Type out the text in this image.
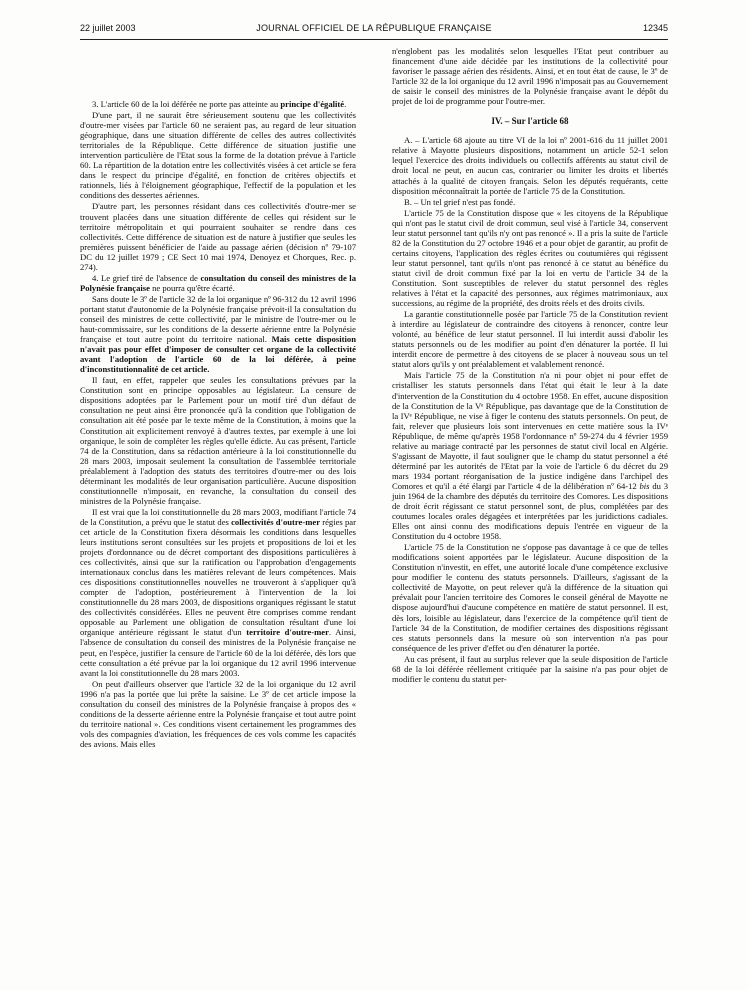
22 juillet 2003	JOURNAL OFFICIEL DE LA RÉPUBLIQUE FRANÇAISE	12345

3. L'article 60 de la loi déférée ne porte pas atteinte au principe d'égalité.

D'une part, il ne saurait être sérieusement soutenu que les collectivités d'outre-mer visées par l'article 60 ne seraient pas, au regard de leur situation géographique, dans une situation différente de celles des autres collectivités territoriales de la République. Cette différence de situation justifie une intervention particulière de l'Etat sous la forme de la dotation prévue à l'article 60. La répartition de la dotation entre les collectivités visées à cet article se fera dans le respect du principe d'égalité, en fonction de critères objectifs et rationnels, liés à l'éloignement géographique, l'effectif de la population et les conditions des dessertes aériennes.

D'autre part, les personnes résidant dans ces collectivités d'outre-mer se trouvent placées dans une situation différente de celles qui résident sur le territoire métropolitain et qui pourraient souhaiter se rendre dans ces collectivités. Cette différence de situation est de nature à justifier que seules les premières puissent bénéficier de l'aide au passage aérien (décision nº 79-107 DC du 12 juillet 1979 ; CE Sect 10 mai 1974, Denoyez et Chorques, Rec. p. 274).

4. Le grief tiré de l'absence de consultation du conseil des ministres de la Polynésie française ne pourra qu'être écarté.

Sans doute le 3º de l'article 32 de la loi organique nº 96-312 du 12 avril 1996 portant statut d'autonomie de la Polynésie française prévoit-il la consultation du conseil des ministres de cette collectivité, par le ministre de l'outre-mer ou le haut-commissaire, sur les conditions de la desserte aérienne entre la Polynésie française et tout autre point du territoire national. Mais cette disposition n'avait pas pour effet d'imposer de consulter cet organe de la collectivité avant l'adoption de l'article 60 de la loi déférée, à peine d'inconstitutionnalité de cet article.

Il faut, en effet, rappeler que seules les consultations prévues par la Constitution sont en principe opposables au législateur. La censure de dispositions adoptées par le Parlement pour un motif tiré d'un défaut de consultation ne peut ainsi être prononcée qu'à la condition que l'obligation de consultation ait été posée par le texte même de la Constitution, à moins que la Constitution ait explicitement renvoyé à d'autres textes, par exemple à une loi organique, le soin de compléter les règles qu'elle édicte. Au cas présent, l'article 74 de la Constitution, dans sa rédaction antérieure à la loi constitutionnelle du 28 mars 2003, imposait seulement la consultation de l'assemblée territoriale préalablement à l'adoption des statuts des territoires d'outre-mer ou des lois déterminant les modalités de leur organisation particulière. Aucune disposition constitutionnelle n'imposait, en revanche, la consultation du conseil des ministres de la Polynésie française.

Il est vrai que la loi constitutionnelle du 28 mars 2003, modifiant l'article 74 de la Constitution, a prévu que le statut des collectivités d'outre-mer régies par cet article de la Constitution fixera désormais les conditions dans lesquelles leurs institutions seront consultées sur les projets et propositions de loi et les projets d'ordonnance ou de décret comportant des dispositions particulières à ces collectivités, ainsi que sur la ratification ou l'approbation d'engagements internationaux conclus dans les matières relevant de leurs compétences. Mais ces dispositions constitutionnelles nouvelles ne trouveront à s'appliquer qu'à compter de l'adoption, postérieurement à l'intervention de la loi constitutionnelle du 28 mars 2003, de dispositions organiques régissant le statut des collectivités considérées. Elles ne peuvent être comprises comme rendant opposable au Parlement une obligation de consultation résultant d'une loi organique antérieure régissant le statut d'un territoire d'outre-mer. Ainsi, l'absence de consultation du conseil des ministres de la Polynésie française ne peut, en l'espèce, justifier la censure de l'article 60 de la loi déférée, dès lors que cette consultation a été prévue par la loi organique du 12 avril 1996 intervenue avant la loi constitutionnelle du 28 mars 2003.

On peut d'ailleurs observer que l'article 32 de la loi organique du 12 avril 1996 n'a pas la portée que lui prête la saisine. Le 3º de cet article impose la consultation du conseil des ministres de la Polynésie française à propos des « conditions de la desserte aérienne entre la Polynésie française et tout autre point du territoire national ». Ces conditions visent certainement les programmes des vols des compagnies d'aviation, les fréquences de ces vols comme les capacités des avions. Mais elles

n'englobent pas les modalités selon lesquelles l'Etat peut contribuer au financement d'une aide décidée par les institutions de la collectivité pour favoriser le passage aérien des résidents. Ainsi, et en tout état de cause, le 3º de l'article 32 de la loi organique du 12 avril 1996 n'imposait pas au Gouvernement de saisir le conseil des ministres de la Polynésie française avant le dépôt du projet de loi de programme pour l'outre-mer.

IV. – Sur l'article 68

A. – L'article 68 ajoute au titre VI de la loi nº 2001-616 du 11 juillet 2001 relative à Mayotte plusieurs dispositions, notamment un article 52-1 selon lequel l'exercice des droits individuels ou collectifs afférents au statut civil de droit local ne peut, en aucun cas, contrarier ou limiter les droits et libertés attachés à la qualité de citoyen français. Selon les députés requérants, cette disposition méconnaîtrait la portée de l'article 75 de la Constitution.

B. – Un tel grief n'est pas fondé.

L'article 75 de la Constitution dispose que « les citoyens de la République qui n'ont pas le statut civil de droit commun, seul visé à l'article 34, conservent leur statut personnel tant qu'ils n'y ont pas renoncé ». Il a pris la suite de l'article 82 de la Constitution du 27 octobre 1946 et a pour objet de garantir, au profit de certains citoyens, l'application des règles écrites ou coutumières qui régissent leur statut personnel, tant qu'ils n'ont pas renoncé à ce statut au bénéfice du statut civil de droit commun fixé par la loi en vertu de l'article 34 de la Constitution. Sont susceptibles de relever du statut personnel des règles relatives à l'état et la capacité des personnes, aux régimes matrimoniaux, aux successions, au régime de la propriété, des droits réels et des droits civils.

La garantie constitutionnelle posée par l'article 75 de la Constitution revient à interdire au législateur de contraindre des citoyens à renoncer, contre leur volonté, au bénéfice de leur statut personnel. Il lui interdit aussi d'abolir les statuts personnels ou de les modifier au point d'en dénaturer la portée. Il lui interdit encore de permettre à des citoyens de se placer à nouveau sous un tel statut alors qu'ils y ont préalablement et valablement renoncé.

Mais l'article 75 de la Constitution n'a ni pour objet ni pour effet de cristalliser les statuts personnels dans l'état qui était le leur à la date d'intervention de la Constitution du 4 octobre 1958. En effet, aucune disposition de la Constitution de la Vᵉ République, pas davantage que de la Constitution de la IVᵉ République, ne vise à figer le contenu des statuts personnels. On peut, de fait, relever que plusieurs lois sont intervenues en cette matière sous la IVᵉ République, de même qu'après 1958 l'ordonnance nº 59-274 du 4 février 1959 relative au mariage contracté par les personnes de statut civil local en Algérie. S'agissant de Mayotte, il faut souligner que le champ du statut personnel a été déterminé par les autorités de l'Etat par la voie de l'article 6 du décret du 29 mars 1934 portant réorganisation de la justice indigène dans l'archipel des Comores et qu'il a été élargi par l'article 4 de la délibération nº 64-12 bis du 3 juin 1964 de la chambre des députés du territoire des Comores. Les dispositions de droit écrit régissant ce statut personnel sont, de plus, complétées par des coutumes locales orales dégagées et interprétées par les juridictions cadiales. Elles ont ainsi connu des modifications depuis l'entrée en vigueur de la Constitution du 4 octobre 1958.

L'article 75 de la Constitution ne s'oppose pas davantage à ce que de telles modifications soient apportées par le législateur. Aucune disposition de la Constitution n'investit, en effet, une autorité locale d'une compétence exclusive pour modifier le contenu des statuts personnels. D'ailleurs, s'agissant de la collectivité de Mayotte, on peut relever qu'à la différence de la situation qui prévalait pour l'ancien territoire des Comores le conseil général de Mayotte ne dispose aujourd'hui d'aucune compétence en matière de statut personnel. Il est, dès lors, loisible au législateur, dans l'exercice de la compétence qu'il tient de l'article 34 de la Constitution, de modifier certaines des dispositions régissant ces statuts personnels dans la mesure où son intervention n'a pas pour conséquence de les priver d'effet ou d'en dénaturer la portée.

Au cas présent, il faut au surplus relever que la seule disposition de l'article 68 de la loi déférée réellement critiquée par la saisine n'a pas pour objet de modifier le contenu du statut per-
